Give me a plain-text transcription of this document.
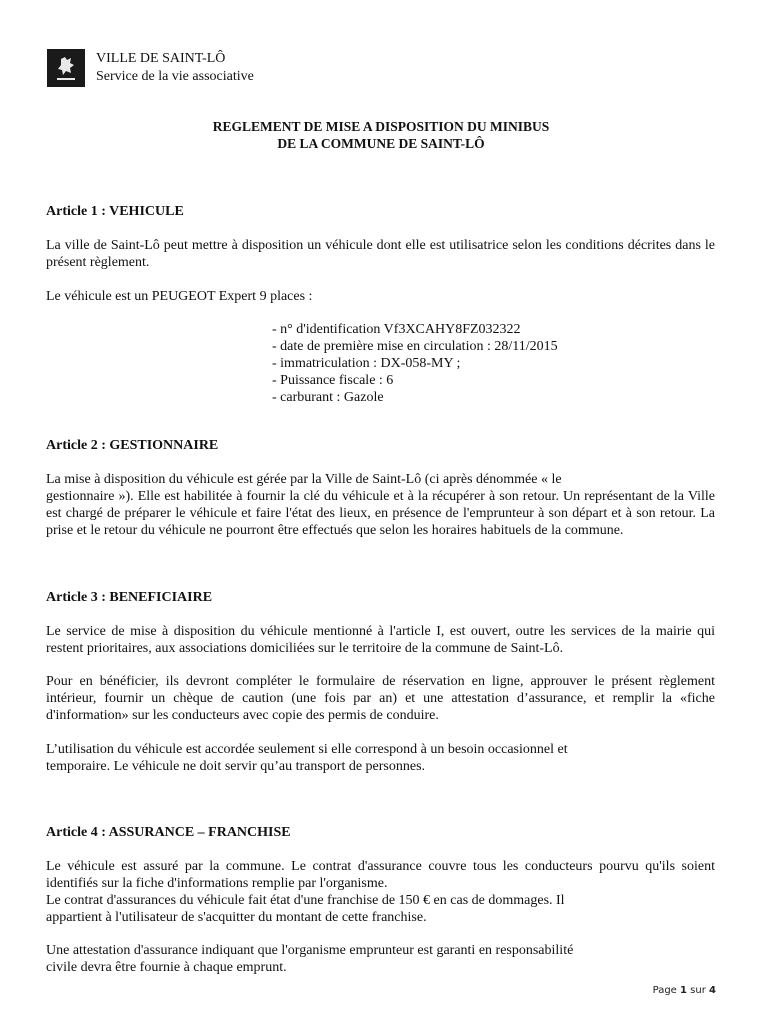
VILLE DE SAINT-LÔ
Service de la vie associative
REGLEMENT DE MISE A DISPOSITION DU MINIBUS
DE LA COMMUNE DE SAINT-LÔ
Article 1 : VEHICULE
La ville de Saint-Lô peut mettre à disposition un véhicule dont elle est utilisatrice selon les conditions décrites dans le présent règlement.
Le véhicule est un PEUGEOT Expert 9 places :
- n° d'identification Vf3XCAHY8FZ032322
- date de première mise en circulation : 28/11/2015
- immatriculation : DX-058-MY ;
- Puissance fiscale : 6
- carburant : Gazole
Article 2 : GESTIONNAIRE
La mise à disposition du véhicule est gérée par la Ville de Saint-Lô (ci après dénommée « le
gestionnaire »). Elle est habilitée à fournir la clé du véhicule et à la récupérer à son retour. Un représentant de la Ville est chargé de préparer le véhicule et faire l'état des lieux, en présence de l'emprunteur à son départ et à son retour. La prise et le retour du véhicule ne pourront être effectués que selon les horaires habituels de la commune.
Article 3 : BENEFICIAIRE
Le service de mise à disposition du véhicule mentionné à l'article I, est ouvert, outre les services de la mairie qui restent prioritaires, aux associations domiciliées sur le territoire de la commune de Saint-Lô.
Pour en bénéficier, ils devront compléter le formulaire de réservation en ligne, approuver le présent règlement intérieur, fournir un chèque de caution (une fois par an) et une attestation d’assurance, et remplir la «fiche d'information» sur les conducteurs avec copie des permis de conduire.
L’utilisation du véhicule est accordée seulement si elle correspond à un besoin occasionnel et
temporaire. Le véhicule ne doit servir qu’au transport de personnes.
Article 4 : ASSURANCE – FRANCHISE
Le véhicule est assuré par la commune. Le contrat d'assurance couvre tous les conducteurs pourvu qu'ils soient identifiés sur la fiche d'informations remplie par l'organisme.
Le contrat d'assurances du véhicule fait état d'une franchise de 150 € en cas de dommages. Il
appartient à l'utilisateur de s'acquitter du montant de cette franchise.
Une attestation d'assurance indiquant que l'organisme emprunteur est garanti en responsabilité
civile devra être fournie à chaque emprunt.
Page 1 sur 4
